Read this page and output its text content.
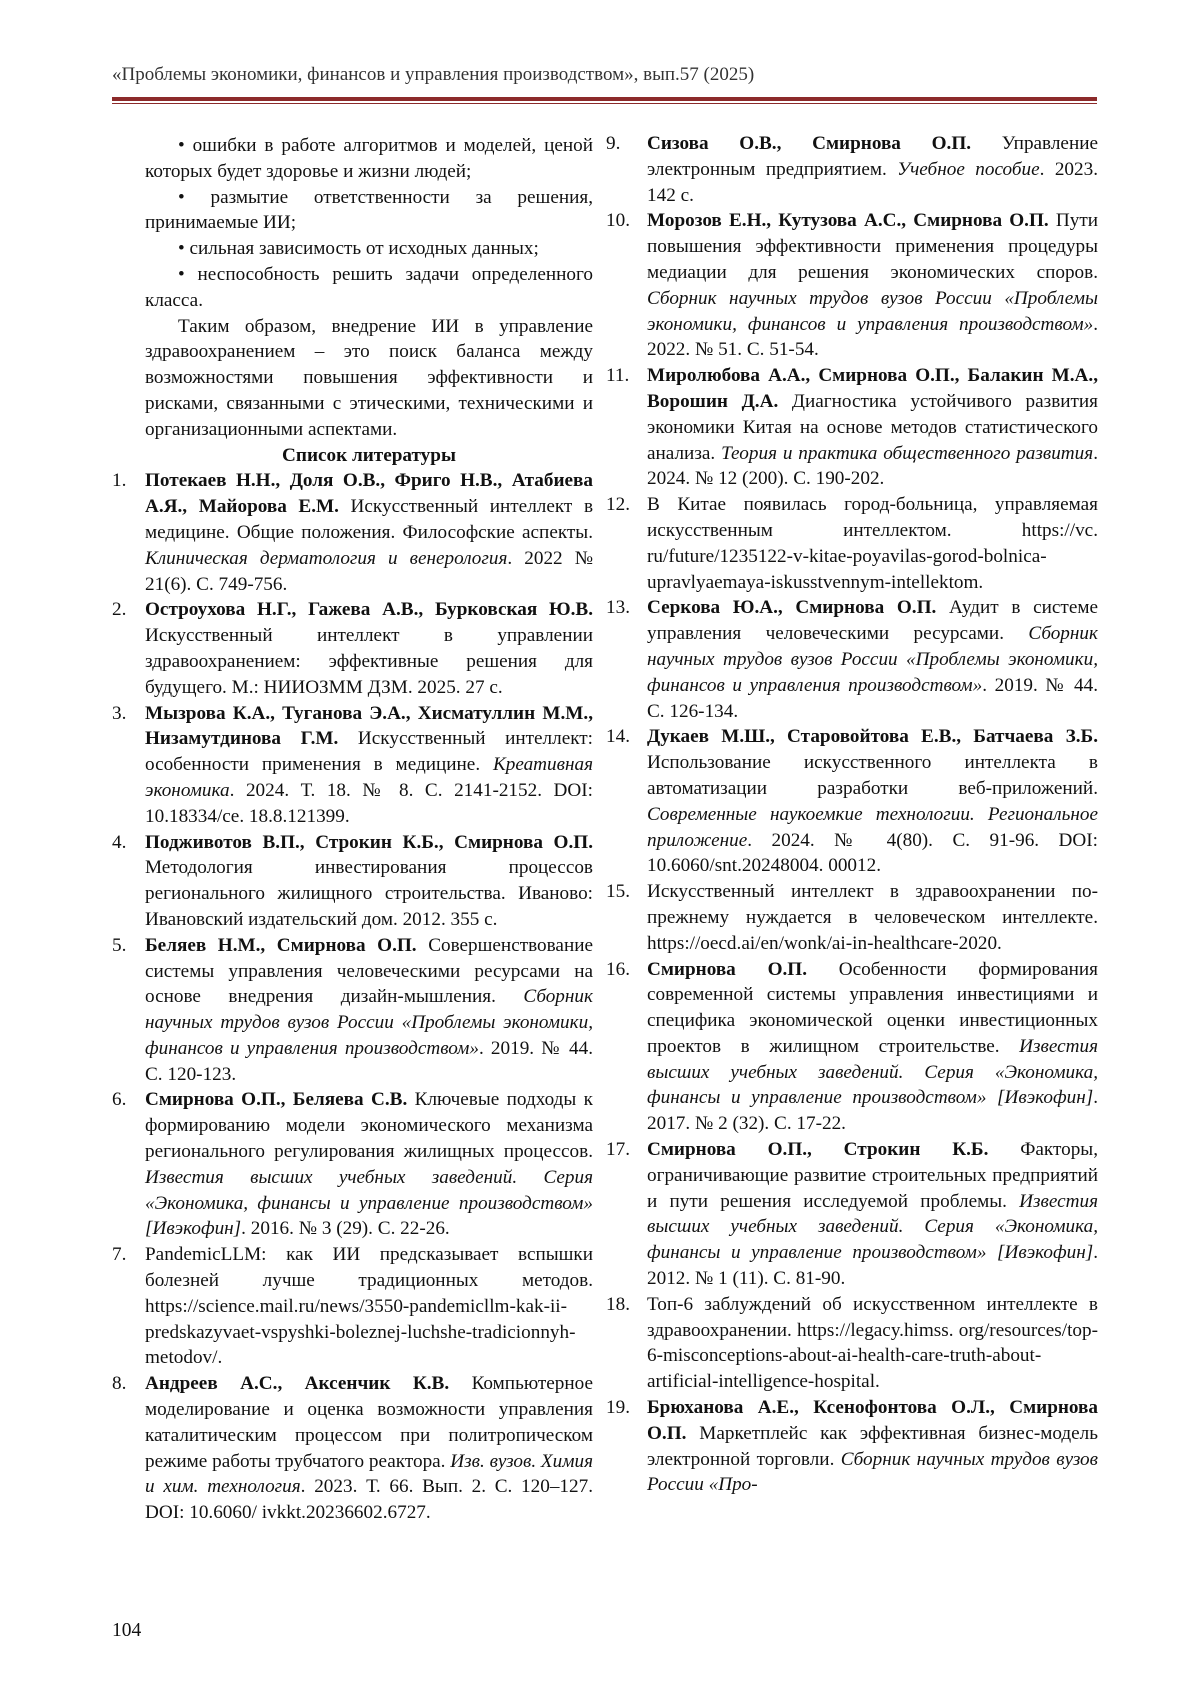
«Проблемы экономики, финансов и управления производством», вып.57 (2025)

• ошибки в работе алгоритмов и моделей, ценой которых будет здоровье и жизни людей;

• размытие ответственности за решения, принимаемые ИИ;

• сильная зависимость от исходных данных;

• неспособность решить задачи определенного класса.

Таким образом, внедрение ИИ в управление здравоохранением – это поиск баланса между возможностями повышения эффективности и рисками, связанными с этическими, техническими и организационными аспектами.

Список литературы

1. Потекаев Н.Н., Доля О.В., Фриго Н.В., Атабиева А.Я., Майорова Е.М. Искусственный интеллект в медицине. Общие положения. Философские аспекты. Клиническая дерматология и венерология. 2022 № 21(6). С. 749-756.

2. Остроухова Н.Г., Гажева А.В., Бурковская Ю.В. Искусственный интеллект в управлении здравоохранением: эффективные решения для будущего. М.: НИИОЗММ ДЗМ. 2025. 27 с.

3. Мызрова К.А., Туганова Э.А., Хисматуллин М.М., Низамутдинова Г.М. Искусственный интеллект: особенности применения в медицине. Креативная экономика. 2024. Т. 18. № 8. С. 2141-2152. DOI: 10.18334/ce. 18.8.121399.

4. Подживотов В.П., Строкин К.Б., Смирнова О.П. Методология инвестирования процессов регионального жилищного строительства. Иваново: Ивановский издательский дом. 2012. 355 с.

5. Беляев Н.М., Смирнова О.П. Совершенствование системы управления человеческими ресурсами на основе внедрения дизайн-мышления. Сборник научных трудов вузов России «Проблемы экономики, финансов и управления производством». 2019. № 44. С. 120-123.

6. Смирнова О.П., Беляева С.В. Ключевые подходы к формированию модели экономического механизма регионального регулирования жилищных процессов. Известия высших учебных заведений. Серия «Экономика, финансы и управление производством» [Ивэкофин]. 2016. № 3 (29). С. 22-26.

7. PandemicLLM: как ИИ предсказывает вспышки болезней лучше традиционных методов. https://science.mail.ru/news/3550-pandemicllm-kak-ii-predskazyvaet-vspyshki-boleznej-luchshe-tradicionnyh-metodov/.

8. Андреев А.С., Аксенчик К.В. Компьютерное моделирование и оценка возможности управления каталитическим процессом при политропическом режиме работы трубчатого реактора. Изв. вузов. Химия и хим. технология. 2023. Т. 66. Вып. 2. С. 120–127. DOI: 10.6060/ ivkkt.20236602.6727.

9. Сизова О.В., Смирнова О.П. Управление электронным предприятием. Учебное пособие. 2023. 142 с.

10. Морозов Е.Н., Кутузова А.С., Смирнова О.П. Пути повышения эффективности применения процедуры медиации для решения экономических споров. Сборник научных трудов вузов России «Проблемы экономики, финансов и управления производством». 2022. № 51. С. 51-54.

11. Миролюбова А.А., Смирнова О.П., Балакин М.А., Ворошин Д.А. Диагностика устойчивого развития экономики Китая на основе методов статистического анализа. Теория и практика общественного развития. 2024. № 12 (200). С. 190-202.

12. В Китае появилась город-больница, управляемая искусственным интеллектом. https://vc. ru/future/1235122-v-kitae-poyavilas-gorod-bolnica-upravlyaemaya-iskusstvennym-intellektom.

13. Серкова Ю.А., Смирнова О.П. Аудит в системе управления человеческими ресурсами. Сборник научных трудов вузов России «Проблемы экономики, финансов и управления производством». 2019. № 44. С. 126-134.

14. Дукаев М.Ш., Старовойтова Е.В., Батчаева З.Б. Использование искусственного интеллекта в автоматизации разработки веб-приложений. Современные наукоемкие технологии. Региональное приложение. 2024. № 4(80). С. 91-96. DOI: 10.6060/snt.20248004. 00012.

15. Искусственный интеллект в здравоохранении по-прежнему нуждается в человеческом интеллекте. https://oecd.ai/en/wonk/ai-in-healthcare-2020.

16. Смирнова О.П. Особенности формирования современной системы управления инвестициями и специфика экономической оценки инвестиционных проектов в жилищном строительстве. Известия высших учебных заведений. Серия «Экономика, финансы и управление производством» [Ивэкофин]. 2017. № 2 (32). С. 17-22.

17. Смирнова О.П., Строкин К.Б. Факторы, ограничивающие развитие строительных предприятий и пути решения исследуемой проблемы. Известия высших учебных заведений. Серия «Экономика, финансы и управление производством» [Ивэкофин]. 2012. № 1 (11). С. 81-90.

18. Топ-6 заблуждений об искусственном интеллекте в здравоохранении. https://legacy.himss. org/resources/top-6-misconceptions-about-ai-health-care-truth-about-artificial-intelligence-hospital.

19. Брюханова А.Е., Ксенофонтова О.Л., Смирнова О.П. Маркетплейс как эффективная бизнес-модель электронной торговли. Сборник научных трудов вузов России «Про-

104
